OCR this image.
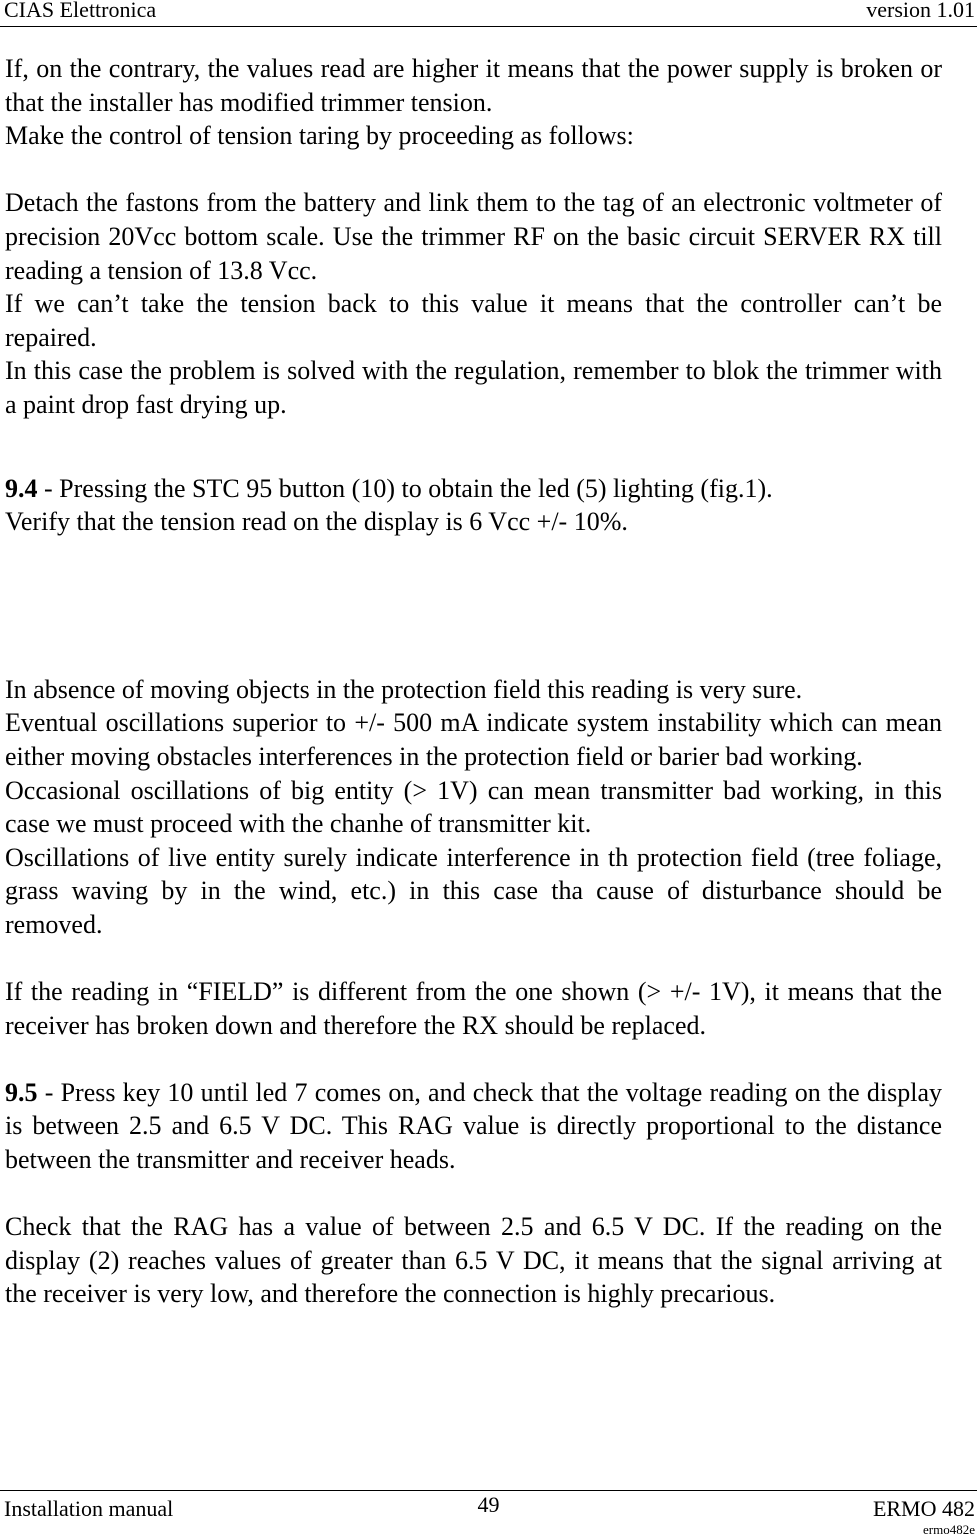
CIAS Elettronica	version 1.01

If, on the contrary, the values read are higher it means that the power supply is broken or that the installer has modified trimmer tension.

Make the control of tension taring by proceeding as follows:

Detach the fastons from the battery and link them to the tag of an electronic voltmeter of precision 20Vcc bottom scale. Use the trimmer RF on the basic circuit SERVER RX till reading a tension of 13.8 Vcc.

If we can’t take the tension back to this value it means that the controller can’t be repaired.

In this case the problem is solved with the regulation, remember to blok the trimmer with a paint drop fast drying up.

9.4 - Pressing the STC 95 button (10) to obtain the led (5) lighting (fig.1).

Verify that the tension read on the display is 6 Vcc +/- 10%.

In absence of moving objects in the protection field this reading is very sure.

Eventual oscillations superior to +/- 500 mA indicate system instability which can mean either moving obstacles interferences in the protection field or barier bad working.

Occasional oscillations of big entity (> 1V) can mean transmitter bad working, in this case we must proceed with the chanhe of transmitter kit.

Oscillations of live entity surely indicate interference in th protection field (tree foliage, grass waving by in the wind, etc.) in this case tha cause of disturbance should be removed.

If the reading in “FIELD” is different from the one shown (> +/- 1V), it means that the receiver has broken down and therefore the RX should be replaced.

9.5 - Press key 10 until led 7 comes on, and check that the voltage reading on the display is between 2.5 and 6.5 V DC. This RAG value is directly proportional to the distance between the transmitter and receiver heads.

Check that the RAG has a value of between 2.5 and 6.5 V DC. If the reading on the display (2) reaches values of greater than 6.5 V DC, it means that the signal arriving at the receiver is very low, and therefore the connection is highly precarious.

Installation manual	49	ERMO 482
ermo482e
